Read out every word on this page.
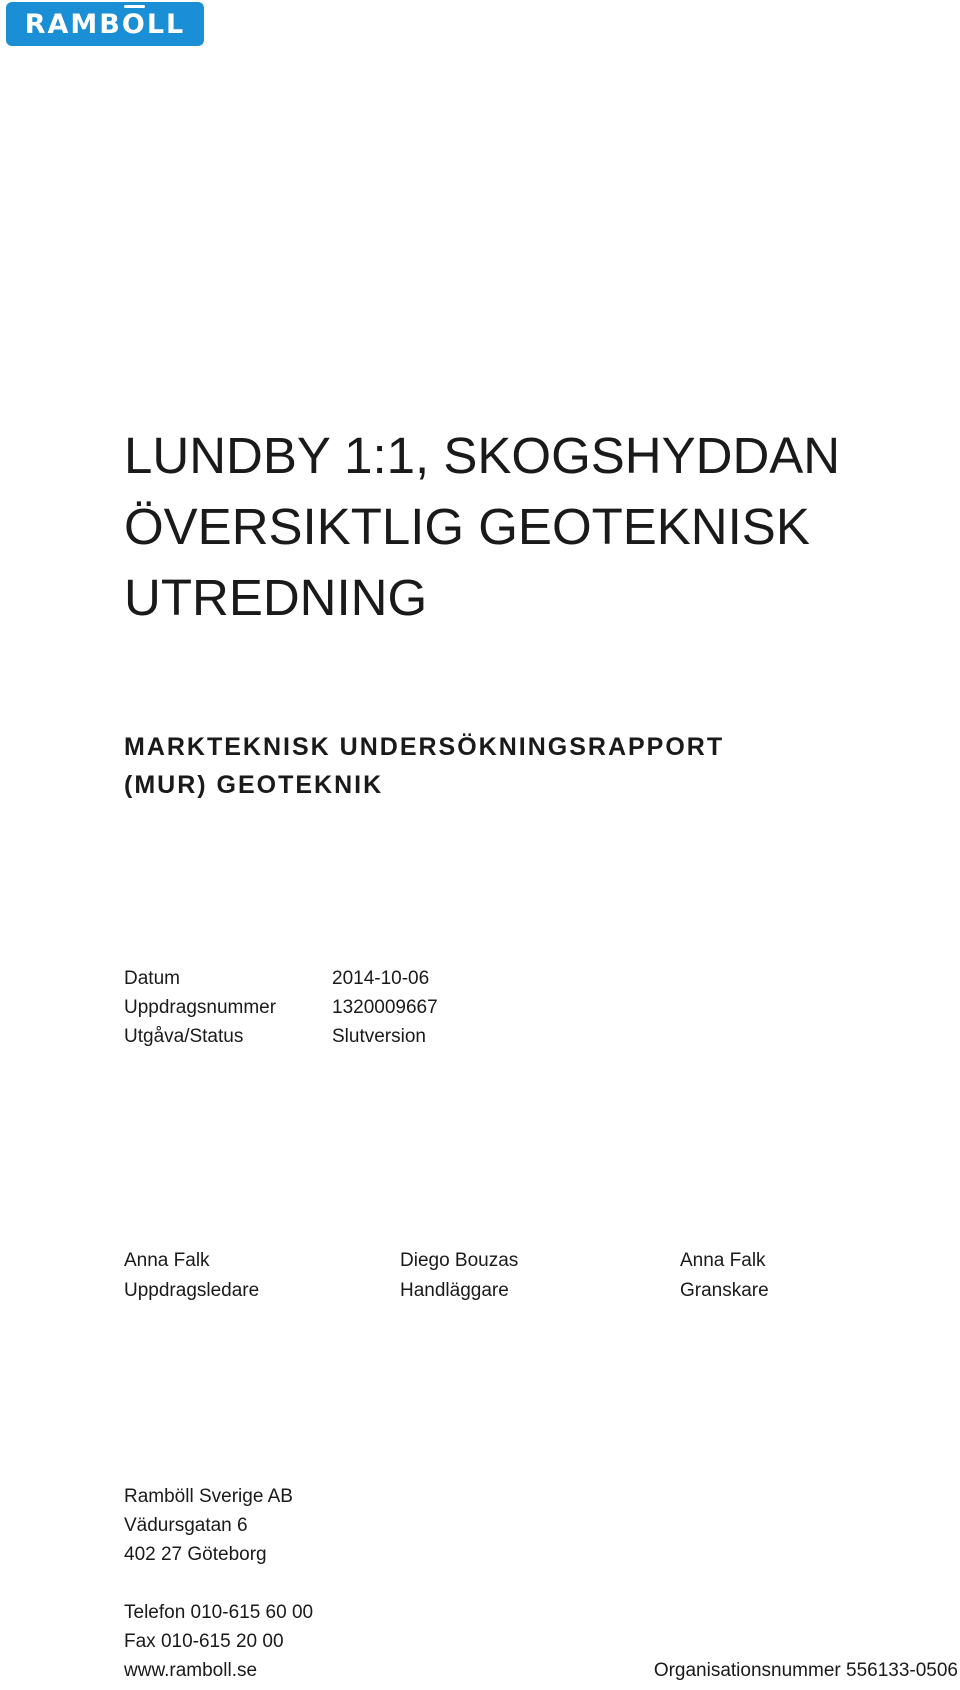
RAMB O LL
LUNDBY 1:1, SKOGSHYDDAN
ÖVERSIKTLIG GEOTEKNISK
UTREDNING
MARKTEKNISK UNDERSÖKNINGSRAPPORT
(MUR) GEOTEKNIK
Datum	2014-10-06
Uppdragsnummer	1320009667
Utgåva/Status	Slutversion
Anna Falk
Uppdragsledare
Diego Bouzas
Handläggare
Anna Falk
Granskare
Ramböll Sverige AB
Vädursgatan 6
402 27 Göteborg
Telefon 010-615 60 00
Fax 010-615 20 00
www.ramboll.se	Organisationsnummer 556133-0506
